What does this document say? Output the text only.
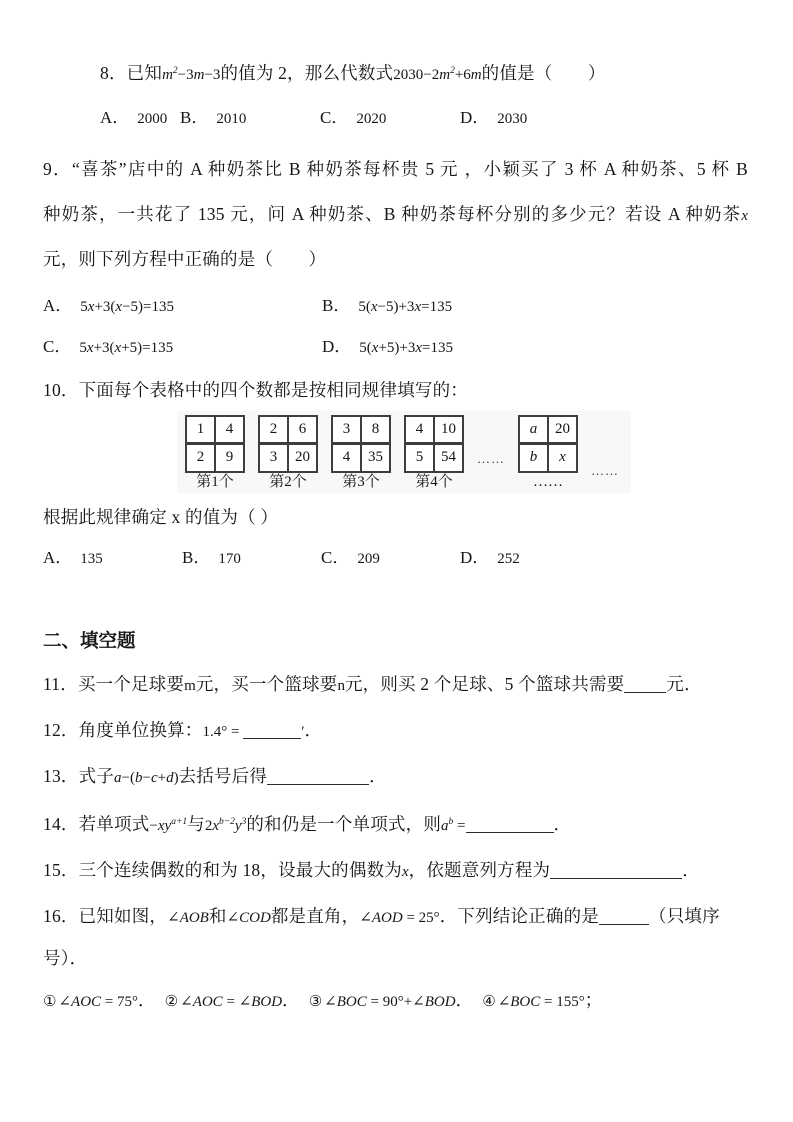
8．已知$m^2-3m-3$的值为 2，那么代数式$2030-2m^2+6m$的值是（　　）
A． 2000 B． 2010	C． 2020	D． 2030
9．“喜茶”店中的 A 种奶茶比 B 种奶茶每杯贵 5 元 ，小颖买了 3 杯 A 种奶茶、5 杯 B
种奶茶，一共花了 135 元，问 A 种奶茶、B 种奶茶每杯分别的多少元？若设 A 种奶茶x
元，则下列方程中正确的是（　　）
A． 5x+3(x−5)=135	B． 5(x−5)+3x=135
C． 5x+3(x+5)=135	D． 5(x+5)+3x=135
10．下面每个表格中的四个数都是按相同规律填写的：
1	4
2	9
第1个
2	6
3	20
第2个
3	8
4	35
第3个
4	10
5	54
第4个
……
a	20
b	x
……
……
根据此规律确定 x 的值为（ ）
A． 135	B． 170	C． 209	D． 252
二、填空题
11．买一个足球要m元，买一个篮球要n元，则买 2 个足球、5 个篮球共需要 元．
12．角度单位换算：1.4° =	′．
13．式子a−(b−c+d)去括号后得	．
14．若单项式$-xy^{a+1}$与$2x^{b-2}y^3$的和仍是一个单项式，则$a^b$ =	．
15．三个连续偶数的和为 18，设最大的偶数为x，依题意列方程为	．
16．已知如图，∠AOB和∠COD都是直角，∠AOD = 25°．下列结论正确的是	（只填序
号）．
① ∠AOC = 75°． ② ∠AOC = ∠BOD． ③ ∠BOC = 90°+∠BOD． ④ ∠BOC = 155°；
